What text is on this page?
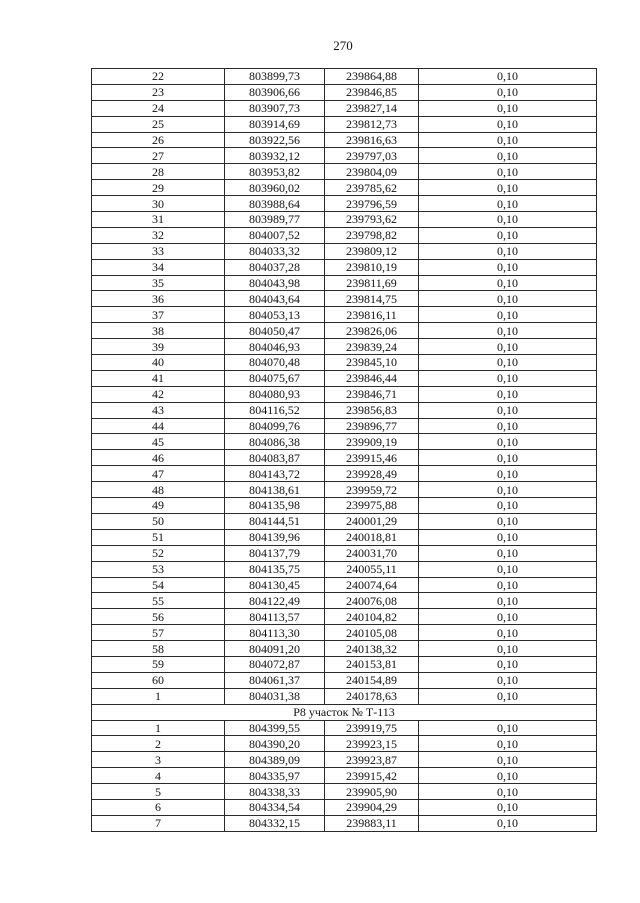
270
22	803899,73	239864,88	0,10
23	803906,66	239846,85	0,10
24	803907,73	239827,14	0,10
25	803914,69	239812,73	0,10
26	803922,56	239816,63	0,10
27	803932,12	239797,03	0,10
28	803953,82	239804,09	0,10
29	803960,02	239785,62	0,10
30	803988,64	239796,59	0,10
31	803989,77	239793,62	0,10
32	804007,52	239798,82	0,10
33	804033,32	239809,12	0,10
34	804037,28	239810,19	0,10
35	804043,98	239811,69	0,10
36	804043,64	239814,75	0,10
37	804053,13	239816,11	0,10
38	804050,47	239826,06	0,10
39	804046,93	239839,24	0,10
40	804070,48	239845,10	0,10
41	804075,67	239846,44	0,10
42	804080,93	239846,71	0,10
43	804116,52	239856,83	0,10
44	804099,76	239896,77	0,10
45	804086,38	239909,19	0,10
46	804083,87	239915,46	0,10
47	804143,72	239928,49	0,10
48	804138,61	239959,72	0,10
49	804135,98	239975,88	0,10
50	804144,51	240001,29	0,10
51	804139,96	240018,81	0,10
52	804137,79	240031,70	0,10
53	804135,75	240055,11	0,10
54	804130,45	240074,64	0,10
55	804122,49	240076,08	0,10
56	804113,57	240104,82	0,10
57	804113,30	240105,08	0,10
58	804091,20	240138,32	0,10
59	804072,87	240153,81	0,10
60	804061,37	240154,89	0,10
1	804031,38	240178,63	0,10
Р8 участок № Т-113			
1	804399,55	239919,75	0,10
2	804390,20	239923,15	0,10
3	804389,09	239923,87	0,10
4	804335,97	239915,42	0,10
5	804338,33	239905,90	0,10
6	804334,54	239904,29	0,10
7	804332,15	239883,11	0,10
